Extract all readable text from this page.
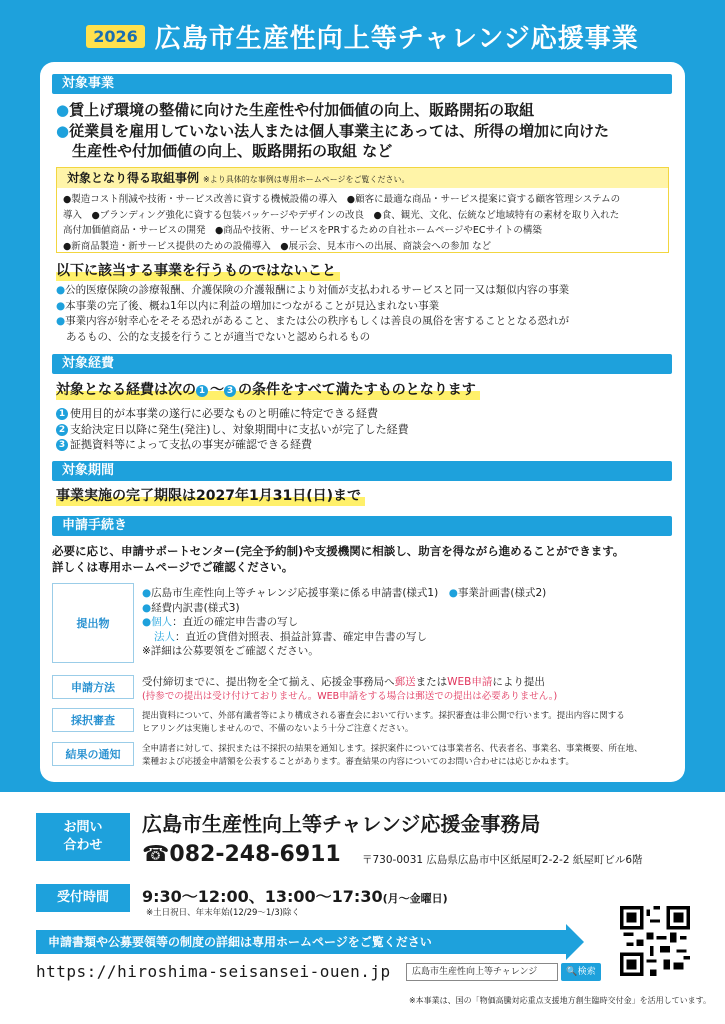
2026 広島市生産性向上等チャレンジ応援事業
対象事業
●賃上げ環境の整備に向けた生産性や付加価値の向上、販路開拓の取組
●従業員を雇用していない法人または個人事業主にあっては、所得の増加に向けた
生産性や付加価値の向上、販路開拓の取組 など
対象となり得る取組事例 ※より具体的な事例は専用ホームページをご覧ください。
●製造コスト削減や技術・サービス改善に資する機械設備の導入　●顧客に最適な商品・サービス提案に資する顧客管理システムの
導入　●ブランディング強化に資する包装パッケージやデザインの改良　●食、観光、文化、伝統など地域特有の素材を取り入れた
高付加価値商品・サービスの開発　●商品や技術、サービスをPRするための自社ホームページやECサイトの構築
●新商品製造・新サービス提供のための設備導入　●展示会、見本市への出展、商談会への参加 など
以下に該当する事業を行うものではないこと
●公的医療保険の診療報酬、介護保険の介護報酬により対価が支払われるサービスと同一又は類似内容の事業
●本事業の完了後、概ね1年以内に利益の増加につながることが見込まれない事業
●事業内容が射幸心をそそる恐れがあること、または公の秩序もしくは善良の風俗を害することとなる恐れが
あるもの、公的な支援を行うことが適当でないと認められるもの
対象経費
対象となる経費は次の 1 ～ 3 の条件をすべて満たすものとなります
1 使用目的が本事業の遂行に必要なものと明確に特定できる経費
2 支給決定日以降に発生(発注)し、対象期間中に支払いが完了した経費
3 証拠資料等によって支払の事実が確認できる経費
対象期間
事業実施の完了期限は2027年1月31日(日)まで
申請手続き
必要に応じ、申請サポートセンター(完全予約制)や支援機関に相談し、助言を得ながら進めることができます。
詳しくは専用ホームページでご確認ください。
提出物
●広島市生産性向上等チャレンジ応援事業に係る申請書(様式1)　 ●事業計画書(様式2)
●経費内訳書(様式3)
●個人：直近の確定申告書の写し
法人：直近の貸借対照表、損益計算書、確定申告書の写し
※詳細は公募要領をご確認ください。
申請方法	受付締切までに、提出物を全て揃え、応援金事務局へ郵送またはWEB申請により提出
(持参での提出は受け付けておりません。WEB申請をする場合は郵送での提出は必要ありません。)
採択審査	提出資料について、外部有識者等により構成される審査会において行います。採択審査は非公開で行います。提出内容に関する
ヒアリングは実施しませんので、不備のないよう十分ご注意ください。
結果の通知	全申請者に対して、採択または不採択の結果を通知します。採択案件については事業者名、代表者名、事業名、事業概要、所在地、
業種および応援金申請額を公表することがあります。審査結果の内容についてのお問い合わせには応じかねます。
お問い
合わせ
広島市生産性向上等チャレンジ応援金事務局
☎082-248-6911 〒730-0031 広島県広島市中区紙屋町2-2-2 紙屋町ビル6階
受付時間	9:30～12:00、13:00～17:30(月～金曜日)
※土日祝日、年末年始(12/29～1/3)除く
申請書類や公募要領等の制度の詳細は専用ホームページをご覧ください
https://hiroshima-seisansei-ouen.jp	広島市生産性向上等チャレンジ	🔍検索
※本事業は、国の「物価高騰対応重点支援地方創生臨時交付金」を活用しています。
